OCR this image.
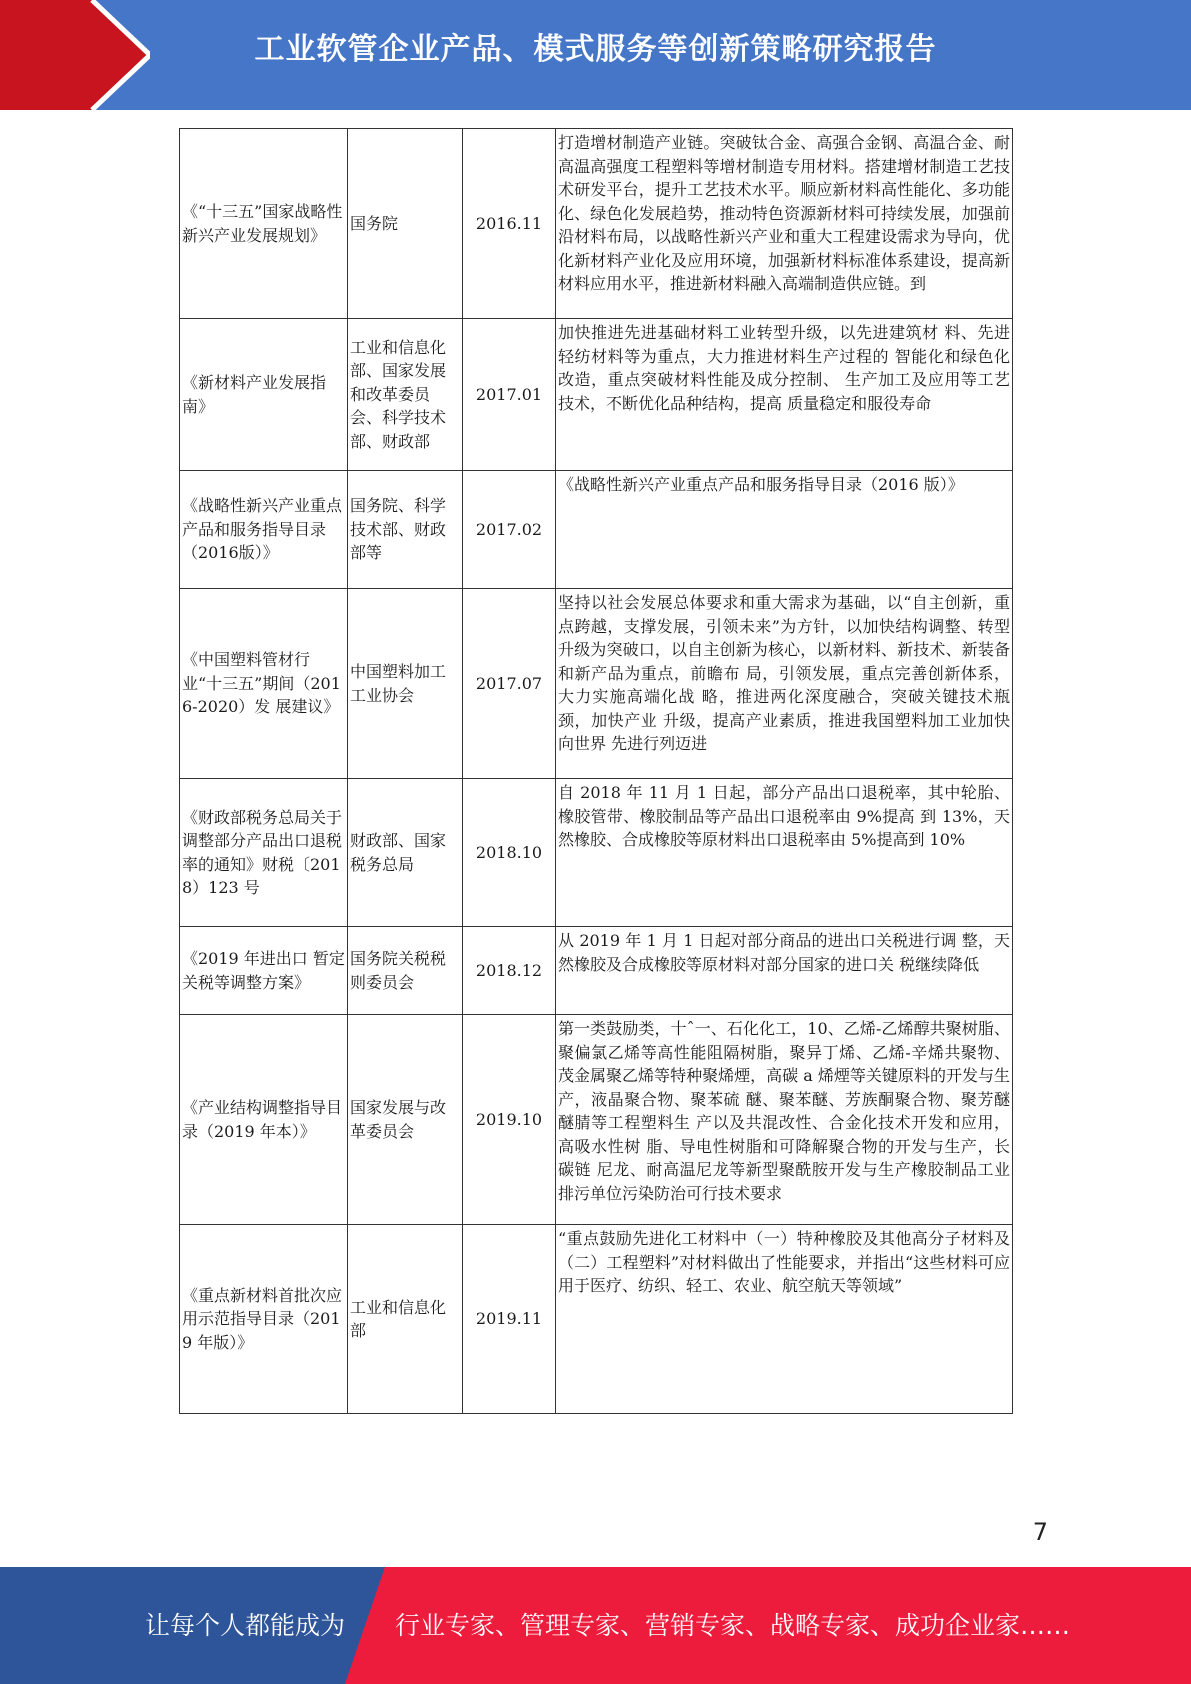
工业软管企业产品、模式服务等创新策略研究报告
《“十三五”国家战略性新兴产业发展规划》	国务院	2016.11	打造增材制造产业链。突破钛合金、高强合金钢、高温合金、耐高温高强度工程塑料等增材制造专用材料。搭建增材制造工艺技术研发平台，提升工艺技术水平。顺应新材料高性能化、多功能化、绿色化发展趋势，推动特色资源新材料可持续发展，加强前沿材料布局，以战略性新兴产业和重大工程建设需求为导向，优化新材料产业化及应用环境，加强新材料标准体系建设，提高新材料应用水平，推进新材料融入高端制造供应链。到
《新材料产业发展指南》	工业和信息化部、国家发展和改革委员会、科学技术部、财政部	2017.01	加快推进先进基础材料工业转型升级，以先进建筑材 料、先进轻纺材料等为重点，大力推进材料生产过程的 智能化和绿色化改造，重点突破材料性能及成分控制、 生产加工及应用等工艺技术，不断优化品种结构，提高 质量稳定和服役寿命
《战略性新兴产业重点产品和服务指导目录（2016版）》	国务院、科学技术部、财政部等	2017.02	《战略性新兴产业重点产品和服务指导目录（2016 版）》
《中国塑料管材行业“十三五”期间（2016-2020）发 展建议》	中国塑料加工工业协会	2017.07	坚持以社会发展总体要求和重大需求为基础，以“自主创新，重点跨越，支撑发展，引领未来”为方针，以加快结构调整、转型升级为突破口，以自主创新为核心，以新材料、新技术、新装备和新产品为重点，前瞻布 局，引领发展，重点完善创新体系，大力实施高端化战 略，推进两化深度融合，突破关键技术瓶颈，加快产业 升级，提高产业素质，推进我国塑料加工业加快向世界 先进行列迈进
《财政部税务总局关于调整部分产品出口退税率的通知》财税〔2018）123 号	财政部、国家税务总局	2018.10	自 2018 年 11 月 1 日起，部分产品出口退税率，其中轮胎、橡胶管带、橡胶制品等产品出口退税率由 9%提高 到 13%，天然橡胶、合成橡胶等原材料出口退税率由 5%提高到 10%
《2019 年进出口 暂定关税等调整方案》	国务院关税税则委员会	2018.12	从 2019 年 1 月 1 日起对部分商品的进出口关税进行调 整，天然橡胶及合成橡胶等原材料对部分国家的进口关 税继续降低
《产业结构调整指导目录（2019 年本）》	国家发展与改革委员会	2019.10	第一类鼓励类，十ˆ一、石化化工，10、乙烯-乙烯醇共聚树脂、聚偏氯乙烯等高性能阻隔树脂，聚异丁烯、乙烯-辛烯共聚物、茂金属聚乙烯等特种聚烯煙，高碳 a 烯煙等关键原料的开发与生产，液晶聚合物、聚苯硫 醚、聚苯醚、芳族酮聚合物、聚芳醚醚腈等工程塑料生 产以及共混改性、合金化技术开发和应用，高吸水性树 脂、导电性树脂和可降解聚合物的开发与生产，长碳链 尼龙、耐高温尼龙等新型聚酰胺开发与生产橡胶制品工业排污单位污染防治可行技术要求
《重点新材料首批次应用示范指导目录（2019 年版）》	工业和信息化部	2019.11	“重点鼓励先进化工材料中（一）特种橡胶及其他高分子材料及（二）工程塑料”对材料做出了性能要求，并指出“这些材料可应用于医疗、纺织、轻工、农业、航空航天等领域”
7
让每个人都能成为	行业专家、管理专家、营销专家、战略专家、成功企业家……
